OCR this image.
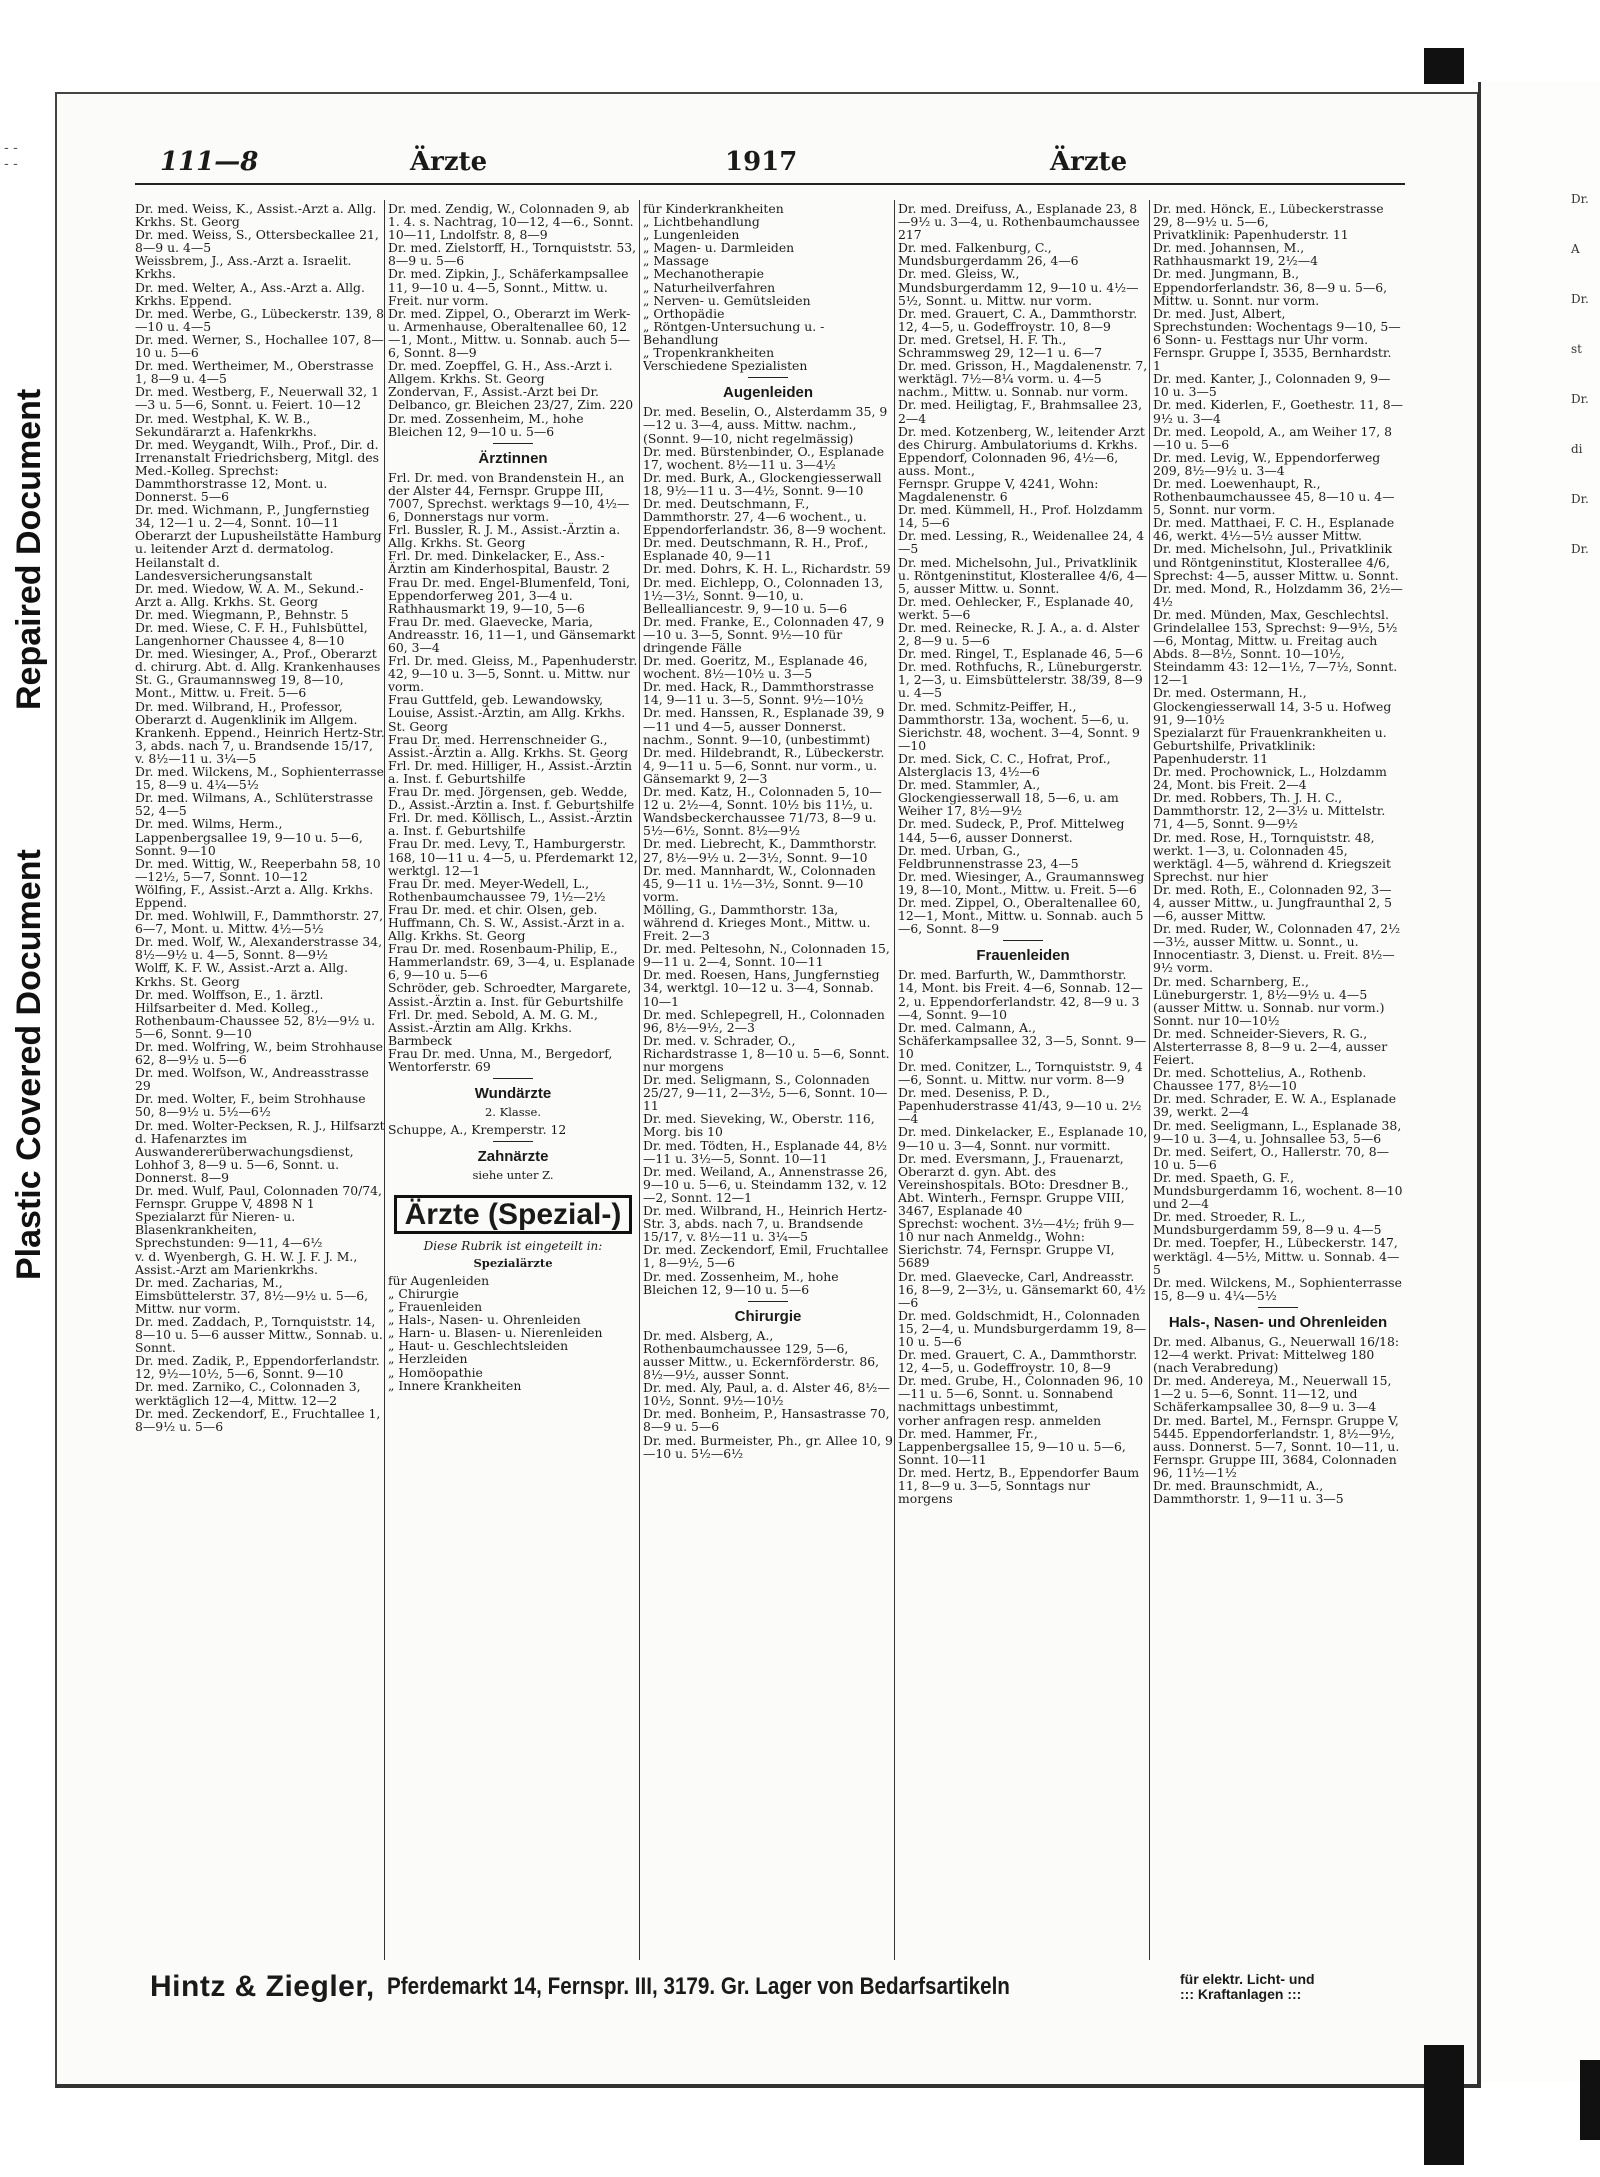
- -
- -
Repaired Document
Plastic Covered Document
Dr.
A
Dr.
st
Dr.
di
Dr.
Dr.
111—8	Ärzte	1917	Ärzte

Dr. med. Weiss, K., Assist.-Arzt a. Allg. Krkhs. St. Georg

Dr. med. Weiss, S., Ottersbeckallee 21, 8—9 u. 4—5

Weissbrem, J., Ass.-Arzt a. Israelit. Krkhs.

Dr. med. Welter, A., Ass.-Arzt a. Allg. Krkhs. Eppend.

Dr. med. Werbe, G., Lübeckerstr. 139, 8—10 u. 4—5

Dr. med. Werner, S., Hochallee 107, 8—10 u. 5—6

Dr. med. Wertheimer, M., Oberstrasse 1, 8—9 u. 4—5

Dr. med. Westberg, F., Neuerwall 32, 1—3 u. 5—6, Sonnt. u. Feiert. 10—12

Dr. med. Westphal, K. W. B., Sekundärarzt a. Hafenkrkhs.

Dr. med. Weygandt, Wilh., Prof., Dir. d. Irrenanstalt Friedrichsberg, Mitgl. des Med.-Kolleg. Sprechst: Dammthorstrasse 12, Mont. u. Donnerst. 5—6

Dr. med. Wichmann, P., Jungfernstieg 34, 12—1 u. 2—4, Sonnt. 10—11

Oberarzt der Lupusheilstätte Hamburg u. leitender Arzt d. dermatolog. Heilanstalt d. Landesversicherungsanstalt

Dr. med. Wiedow, W. A. M., Sekund.-Arzt a. Allg. Krkhs. St. Georg

Dr. med. Wiegmann, P., Behnstr. 5

Dr. med. Wiese, C. F. H., Fuhlsbüttel, Langenhorner Chaussee 4, 8—10

Dr. med. Wiesinger, A., Prof., Oberarzt d. chirurg. Abt. d. Allg. Krankenhauses St. G., Graumannsweg 19, 8—10, Mont., Mittw. u. Freit. 5—6

Dr. med. Wilbrand, H., Professor, Oberarzt d. Augenklinik im Allgem. Krankenh. Eppend., Heinrich Hertz-Str. 3, abds. nach 7, u. Brandsende 15/17, v. 8½—11 u. 3¼—5

Dr. med. Wilckens, M., Sophienterrasse 15, 8—9 u. 4¼—5½

Dr. med. Wilmans, A., Schlüterstrasse 52, 4—5

Dr. med. Wilms, Herm., Lappenbergsallee 19, 9—10 u. 5—6, Sonnt. 9—10

Dr. med. Wittig, W., Reeperbahn 58, 10—12½, 5—7, Sonnt. 10—12

Wölfing, F., Assist.-Arzt a. Allg. Krkhs. Eppend.

Dr. med. Wohlwill, F., Dammthorstr. 27, 6—7, Mont. u. Mittw. 4½—5½

Dr. med. Wolf, W., Alexanderstrasse 34, 8½—9½ u. 4—5, Sonnt. 8—9½

Wolff, K. F. W., Assist.-Arzt a. Allg. Krkhs. St. Georg

Dr. med. Wolffson, E., 1. ärztl. Hilfsarbeiter d. Med. Kolleg., Rothenbaum-Chaussee 52, 8½—9½ u. 5—6, Sonnt. 9—10

Dr. med. Wolfring, W., beim Strohhause 62, 8—9½ u. 5—6

Dr. med. Wolfson, W., Andreasstrasse 29

Dr. med. Wolter, F., beim Strohhause 50, 8—9½ u. 5½—6½

Dr. med. Wolter-Pecksen, R. J., Hilfsarzt d. Hafenarztes im Auswandererüberwachungsdienst, Lohhof 3, 8—9 u. 5—6, Sonnt. u. Donnerst. 8—9

Dr. med. Wulf, Paul, Colonnaden 70/74,

Fernspr. Gruppe V, 4898 N 1 Spezialarzt für Nieren- u. Blasenkrankheiten,

Sprechstunden: 9—11, 4—6½

v. d. Wyenbergh, G. H. W. J. F. J. M., Assist.-Arzt am Marienkrkhs.

Dr. med. Zacharias, M., Eimsbüttelerstr. 37, 8½—9½ u. 5—6, Mittw. nur vorm.

Dr. med. Zaddach, P., Tornquiststr. 14, 8—10 u. 5—6 ausser Mittw., Sonnab. u. Sonnt.

Dr. med. Zadik, P., Eppendorferlandstr. 12, 9½—10½, 5—6, Sonnt. 9—10

Dr. med. Zarniko, C., Colonnaden 3, werktäglich 12—4, Mittw. 12—2

Dr. med. Zeckendorf, E., Fruchtallee 1, 8—9½ u. 5—6

Dr. med. Zendig, W., Colonnaden 9, ab 1. 4. s. Nachtrag, 10—12, 4—6., Sonnt. 10—11, Lndolfstr. 8, 8—9

Dr. med. Zielstorff, H., Tornquiststr. 53, 8—9 u. 5—6

Dr. med. Zipkin, J., Schäferkampsallee 11, 9—10 u. 4—5, Sonnt., Mittw. u. Freit. nur vorm.

Dr. med. Zippel, O., Oberarzt im Werk- u. Armenhause, Oberaltenallee 60, 12—1, Mont., Mittw. u. Sonnab. auch 5—6, Sonnt. 8—9

Dr. med. Zoepffel, G. H., Ass.-Arzt i. Allgem. Krkhs. St. Georg

Zondervan, F., Assist.-Arzt bei Dr. Delbanco, gr. Bleichen 23/27, Zim. 220

Dr. med. Zossenheim, M., hohe Bleichen 12, 9—10 u. 5—6

Ärztinnen

Frl. Dr. med. von Brandenstein H., an der Alster 44, Fernspr. Gruppe III, 7007, Sprechst. werktags 9—10, 4½—6, Donnerstags nur vorm.

Frl. Bussler, R. J. M., Assist.-Ärztin a. Allg. Krkhs. St. Georg

Frl. Dr. med. Dinkelacker, E., Ass.-Ärztin am Kinderhospital, Baustr. 2

Frau Dr. med. Engel-Blumenfeld, Toni, Eppendorferweg 201, 3—4 u. Rathhausmarkt 19, 9—10, 5—6

Frau Dr. med. Glaevecke, Maria, Andreasstr. 16, 11—1, und Gänsemarkt 60, 3—4

Frl. Dr. med. Gleiss, M., Papenhuderstr. 42, 9—10 u. 3—5, Sonnt. u. Mittw. nur vorm.

Frau Guttfeld, geb. Lewandowsky, Louise, Assist.-Ärztin, am Allg. Krkhs. St. Georg

Frau Dr. med. Herrenschneider G., Assist.-Ärztin a. Allg. Krkhs. St. Georg

Frl. Dr. med. Hilliger, H., Assist.-Ärztin a. Inst. f. Geburtshilfe

Frau Dr. med. Jörgensen, geb. Wedde, D., Assist.-Ärztin a. Inst. f. Geburtshilfe

Frl. Dr. med. Köllisch, L., Assist.-Ärztin a. Inst. f. Geburtshilfe

Frau Dr. med. Levy, T., Hamburgerstr. 168, 10—11 u. 4—5, u. Pferdemarkt 12, werktgl. 12—1

Frau Dr. med. Meyer-Wedell, L., Rothenbaumchaussee 79, 1½—2½

Frau Dr. med. et chir. Olsen, geb. Huffmann, Ch. S. W., Assist.-Ärzt in a. Allg. Krkhs. St. Georg

Frau Dr. med. Rosenbaum-Philip, E., Hammerlandstr. 69, 3—4, u. Esplanade 6, 9—10 u. 5—6

Schröder, geb. Schroedter, Margarete, Assist.-Ärztin a. Inst. für Geburtshilfe

Frl. Dr. med. Sebold, A. M. G. M., Assist.-Ärztin am Allg. Krkhs. Barmbeck

Frau Dr. med. Unna, M., Bergedorf, Wentorferstr. 69

Wundärzte
2. Klasse.

Schuppe, A., Kremperstr. 12

Zahnärzte
siehe unter Z.
Ärzte (Spezial-)
Diese Rubrik ist eingeteilt in:
Spezialärzte

für Augenleiden

„ Chirurgie

„ Frauenleiden

„ Hals-, Nasen- u. Ohrenleiden

„ Harn- u. Blasen- u. Nierenleiden

„ Haut- u. Geschlechtsleiden

„ Herzleiden

„ Homöopathie

„ Innere Krankheiten

für Kinderkrankheiten

„ Lichtbehandlung

„ Lungenleiden

„ Magen- u. Darmleiden

„ Massage

„ Mechanotherapie

„ Naturheilverfahren

„ Nerven- u. Gemütsleiden

„ Orthopädie

„ Röntgen-Untersuchung u. -Behandlung

„ Tropenkrankheiten

Verschiedene Spezialisten

Augenleiden

Dr. med. Beselin, O., Alsterdamm 35, 9—12 u. 3—4, auss. Mittw. nachm., (Sonnt. 9—10, nicht regelmässig)

Dr. med. Bürstenbinder, O., Esplanade 17, wochent. 8½—11 u. 3—4½

Dr. med. Burk, A., Glockengiesserwall 18, 9½—11 u. 3—4½, Sonnt. 9—10

Dr. med. Deutschmann, F., Dammthorstr. 27, 4—6 wochent., u. Eppendorferlandstr. 36, 8—9 wochent.

Dr. med. Deutschmann, R. H., Prof., Esplanade 40, 9—11

Dr. med. Dohrs, K. H. L., Richardstr. 59

Dr. med. Eichlepp, O., Colonnaden 13, 1½—3½, Sonnt. 9—10, u. Bellealliancestr. 9, 9—10 u. 5—6

Dr. med. Franke, E., Colonnaden 47, 9—10 u. 3—5, Sonnt. 9½—10 für dringende Fälle

Dr. med. Goeritz, M., Esplanade 46, wochent. 8½—10½ u. 3—5

Dr. med. Hack, R., Dammthorstrasse 14, 9—11 u. 3—5, Sonnt. 9½—10½

Dr. med. Hanssen, R., Esplanade 39, 9—11 und 4—5, ausser Donnerst. nachm., Sonnt. 9—10, (unbestimmt)

Dr. med. Hildebrandt, R., Lübeckerstr. 4, 9—11 u. 5—6, Sonnt. nur vorm., u. Gänsemarkt 9, 2—3

Dr. med. Katz, H., Colonnaden 5, 10—12 u. 2½—4, Sonnt. 10½ bis 11½, u. Wandsbeckerchaussee 71/73, 8—9 u. 5½—6½, Sonnt. 8½—9½

Dr. med. Liebrecht, K., Dammthorstr. 27, 8½—9½ u. 2—3½, Sonnt. 9—10

Dr. med. Mannhardt, W., Colonnaden 45, 9—11 u. 1½—3½, Sonnt. 9—10 vorm.

Mölling, G., Dammthorstr. 13a, während d. Krieges Mont., Mittw. u. Freit. 2—3

Dr. med. Peltesohn, N., Colonnaden 15, 9—11 u. 2—4, Sonnt. 10—11

Dr. med. Roesen, Hans, Jungfernstieg 34, werktgl. 10—12 u. 3—4, Sonnab. 10—1

Dr. med. Schlepegrell, H., Colonnaden 96, 8½—9½, 2—3

Dr. med. v. Schrader, O., Richardstrasse 1, 8—10 u. 5—6, Sonnt. nur morgens

Dr. med. Seligmann, S., Colonnaden 25/27, 9—11, 2—3½, 5—6, Sonnt. 10—11

Dr. med. Sieveking, W., Oberstr. 116, Morg. bis 10

Dr. med. Tödten, H., Esplanade 44, 8½—11 u. 3½—5, Sonnt. 10—11

Dr. med. Weiland, A., Annenstrasse 26, 9—10 u. 5—6, u. Steindamm 132, v. 12—2, Sonnt. 12—1

Dr. med. Wilbrand, H., Heinrich Hertz-Str. 3, abds. nach 7, u. Brandsende 15/17, v. 8½—11 u. 3¼—5

Dr. med. Zeckendorf, Emil, Fruchtallee 1, 8—9½, 5—6

Dr. med. Zossenheim, M., hohe Bleichen 12, 9—10 u. 5—6

Chirurgie

Dr. med. Alsberg, A., Rothenbaumchaussee 129, 5—6, ausser Mittw., u. Eckernförderstr. 86, 8½—9½, ausser Sonnt.

Dr. med. Aly, Paul, a. d. Alster 46, 8½—10½, Sonnt. 9½—10½

Dr. med. Bonheim, P., Hansastrasse 70, 8—9 u. 5—6

Dr. med. Burmeister, Ph., gr. Allee 10, 9—10 u. 5½—6½

Dr. med. Dreifuss, A., Esplanade 23, 8—9½ u. 3—4, u. Rothenbaumchaussee 217

Dr. med. Falkenburg, C., Mundsburgerdamm 26, 4—6

Dr. med. Gleiss, W., Mundsburgerdamm 12, 9—10 u. 4½—5½, Sonnt. u. Mittw. nur vorm.

Dr. med. Grauert, C. A., Dammthorstr. 12, 4—5, u. Godeffroystr. 10, 8—9

Dr. med. Gretsel, H. F. Th., Schrammsweg 29, 12—1 u. 6—7

Dr. med. Grisson, H., Magdalenenstr. 7, werktägl. 7½—8¼ vorm. u. 4—5 nachm., Mittw. u. Sonnab. nur vorm.

Dr. med. Heiligtag, F., Brahmsallee 23, 2—4

Dr. med. Kotzenberg, W., leitender Arzt des Chirurg. Ambulatoriums d. Krkhs. Eppendorf, Colonnaden 96, 4½—6, auss. Mont.,

Fernspr. Gruppe V, 4241, Wohn: Magdalenenstr. 6

Dr. med. Kümmell, H., Prof. Holzdamm 14, 5—6

Dr. med. Lessing, R., Weidenallee 24, 4—5

Dr. med. Michelsohn, Jul., Privatklinik u. Röntgeninstitut, Klosterallee 4/6, 4—5, ausser Mittw. u. Sonnt.

Dr. med. Oehlecker, F., Esplanade 40, werkt. 5—6

Dr. med. Reinecke, R. J. A., a. d. Alster 2, 8—9 u. 5—6

Dr. med. Ringel, T., Esplanade 46, 5—6

Dr. med. Rothfuchs, R., Lüneburgerstr. 1, 2—3, u. Eimsbüttelerstr. 38/39, 8—9 u. 4—5

Dr. med. Schmitz-Peiffer, H., Dammthorstr. 13a, wochent. 5—6, u. Sierichstr. 48, wochent. 3—4, Sonnt. 9—10

Dr. med. Sick, C. C., Hofrat, Prof., Alsterglacis 13, 4½—6

Dr. med. Stammler, A., Glockengiesserwall 18, 5—6, u. am Weiher 17, 8½—9½

Dr. med. Sudeck, P., Prof. Mittelweg 144, 5—6, ausser Donnerst.

Dr. med. Urban, G., Feldbrunnenstrasse 23, 4—5

Dr. med. Wiesinger, A., Graumannsweg 19, 8—10, Mont., Mittw. u. Freit. 5—6

Dr. med. Zippel, O., Oberaltenallee 60, 12—1, Mont., Mittw. u. Sonnab. auch 5—6, Sonnt. 8—9

Frauenleiden

Dr. med. Barfurth, W., Dammthorstr. 14, Mont. bis Freit. 4—6, Sonnab. 12—2, u. Eppendorferlandstr. 42, 8—9 u. 3—4, Sonnt. 9—10

Dr. med. Calmann, A., Schäferkampsallee 32, 3—5, Sonnt. 9—10

Dr. med. Conitzer, L., Tornquiststr. 9, 4—6, Sonnt. u. Mittw. nur vorm. 8—9

Dr. med. Deseniss, P. D., Papenhuderstrasse 41/43, 9—10 u. 2½—4

Dr. med. Dinkelacker, E., Esplanade 10, 9—10 u. 3—4, Sonnt. nur vormitt.

Dr. med. Eversmann, J., Frauenarzt, Oberarzt d. gyn. Abt. des Vereinshospitals. BOto: Dresdner B., Abt. Winterh., Fernspr. Gruppe VIII, 3467, Esplanade 40

Sprechst: wochent. 3½—4½; früh 9—10 nur nach Anmeldg., Wohn: Sierichstr. 74, Fernspr. Gruppe VI, 5689

Dr. med. Glaevecke, Carl, Andreasstr. 16, 8—9, 2—3½, u. Gänsemarkt 60, 4½—6

Dr. med. Goldschmidt, H., Colonnaden 15, 2—4, u. Mundsburgerdamm 19, 8—10 u. 5—6

Dr. med. Grauert, C. A., Dammthorstr. 12, 4—5, u. Godeffroystr. 10, 8—9

Dr. med. Grube, H., Colonnaden 96, 10—11 u. 5—6, Sonnt. u. Sonnabend nachmittags unbestimmt,

vorher anfragen resp. anmelden

Dr. med. Hammer, Fr., Lappenbergsallee 15, 9—10 u. 5—6, Sonnt. 10—11

Dr. med. Hertz, B., Eppendorfer Baum 11, 8—9 u. 3—5, Sonntags nur morgens

Dr. med. Hönck, E., Lübeckerstrasse 29, 8—9½ u. 5—6,

Privatklinik: Papenhuderstr. 11

Dr. med. Johannsen, M., Rathhausmarkt 19, 2½—4

Dr. med. Jungmann, B., Eppendorferlandstr. 36, 8—9 u. 5—6, Mittw. u. Sonnt. nur vorm.

Dr. med. Just, Albert,

Sprechstunden: Wochentags 9—10, 5—6 Sonn- u. Festtags nur Uhr vorm. Fernspr. Gruppe I, 3535, Bernhardstr. 1

Dr. med. Kanter, J., Colonnaden 9, 9—10 u. 3—5

Dr. med. Kiderlen, F., Goethestr. 11, 8—9½ u. 3—4

Dr. med. Leopold, A., am Weiher 17, 8—10 u. 5—6

Dr. med. Levig, W., Eppendorferweg 209, 8½—9½ u. 3—4

Dr. med. Loewenhaupt, R., Rothenbaumchaussee 45, 8—10 u. 4—5, Sonnt. nur vorm.

Dr. med. Matthaei, F. C. H., Esplanade 46, werkt. 4½—5½ ausser Mittw.

Dr. med. Michelsohn, Jul., Privatklinik und Röntgeninstitut, Klosterallee 4/6, Sprechst: 4—5, ausser Mittw. u. Sonnt.

Dr. med. Mond, R., Holzdamm 36, 2½—4½

Dr. med. Münden, Max, Geschlechtsl.

Grindelallee 153, Sprechst: 9—9½, 5½—6, Montag, Mittw. u. Freitag auch Abds. 8—8½, Sonnt. 10—10½, Steindamm 43: 12—1½, 7—7½, Sonnt. 12—1

Dr. med. Ostermann, H., Glockengiesserwall 14, 3-5 u. Hofweg 91, 9—10½

Spezialarzt für Frauenkrankheiten u. Geburtshilfe, Privatklinik: Papenhuderstr. 11

Dr. med. Prochownick, L., Holzdamm 24, Mont. bis Freit. 2—4

Dr. med. Robbers, Th. J. H. C., Dammthorstr. 12, 2—3½ u. Mittelstr. 71, 4—5, Sonnt. 9—9½

Dr. med. Rose, H., Tornquiststr. 48, werkt. 1—3, u. Colonnaden 45, werktägl. 4—5, während d. Kriegszeit Sprechst. nur hier

Dr. med. Roth, E., Colonnaden 92, 3—4, ausser Mittw., u. Jungfraunthal 2, 5—6, ausser Mittw.

Dr. med. Ruder, W., Colonnaden 47, 2½—3½, ausser Mittw. u. Sonnt., u. Innocentiastr. 3, Dienst. u. Freit. 8½—9½ vorm.

Dr. med. Scharnberg, E., Lüneburgerstr. 1, 8½—9½ u. 4—5 (ausser Mittw. u. Sonnab. nur vorm.) Sonnt. nur 10—10½

Dr. med. Schneider-Sievers, R. G., Alsterterrasse 8, 8—9 u. 2—4, ausser Feiert.

Dr. med. Schottelius, A., Rothenb. Chaussee 177, 8½—10

Dr. med. Schrader, E. W. A., Esplanade 39, werkt. 2—4

Dr. med. Seeligmann, L., Esplanade 38, 9—10 u. 3—4, u. Johnsallee 53, 5—6

Dr. med. Seifert, O., Hallerstr. 70, 8—10 u. 5—6

Dr. med. Spaeth, G. F., Mundsburgerdamm 16, wochent. 8—10 und 2—4

Dr. med. Stroeder, R. L., Mundsburgerdamm 59, 8—9 u. 4—5

Dr. med. Toepfer, H., Lübeckerstr. 147, werktägl. 4—5½, Mittw. u. Sonnab. 4—5

Dr. med. Wilckens, M., Sophienterrasse 15, 8—9 u. 4¼—5½

Hals-, Nasen- und Ohrenleiden

Dr. med. Albanus, G., Neuerwall 16/18: 12—4 werkt. Privat: Mittelweg 180 (nach Verabredung)

Dr. med. Andereya, M., Neuerwall 15, 1—2 u. 5—6, Sonnt. 11—12, und Schäferkampsallee 30, 8—9 u. 3—4

Dr. med. Bartel, M., Fernspr. Gruppe V, 5445. Eppendorferlandstr. 1, 8½—9½, auss. Donnerst. 5—7, Sonnt. 10—11, u.

Fernspr. Gruppe III, 3684, Colonnaden 96, 11½—1½

Dr. med. Braunschmidt, A., Dammthorstr. 1, 9—11 u. 3—5

Hintz & Ziegler, Pferdemarkt 14, Fernspr. III, 3179. Gr. Lager von Bedarfsartikeln	für elektr. Licht- und
::: Kraftanlagen :::
